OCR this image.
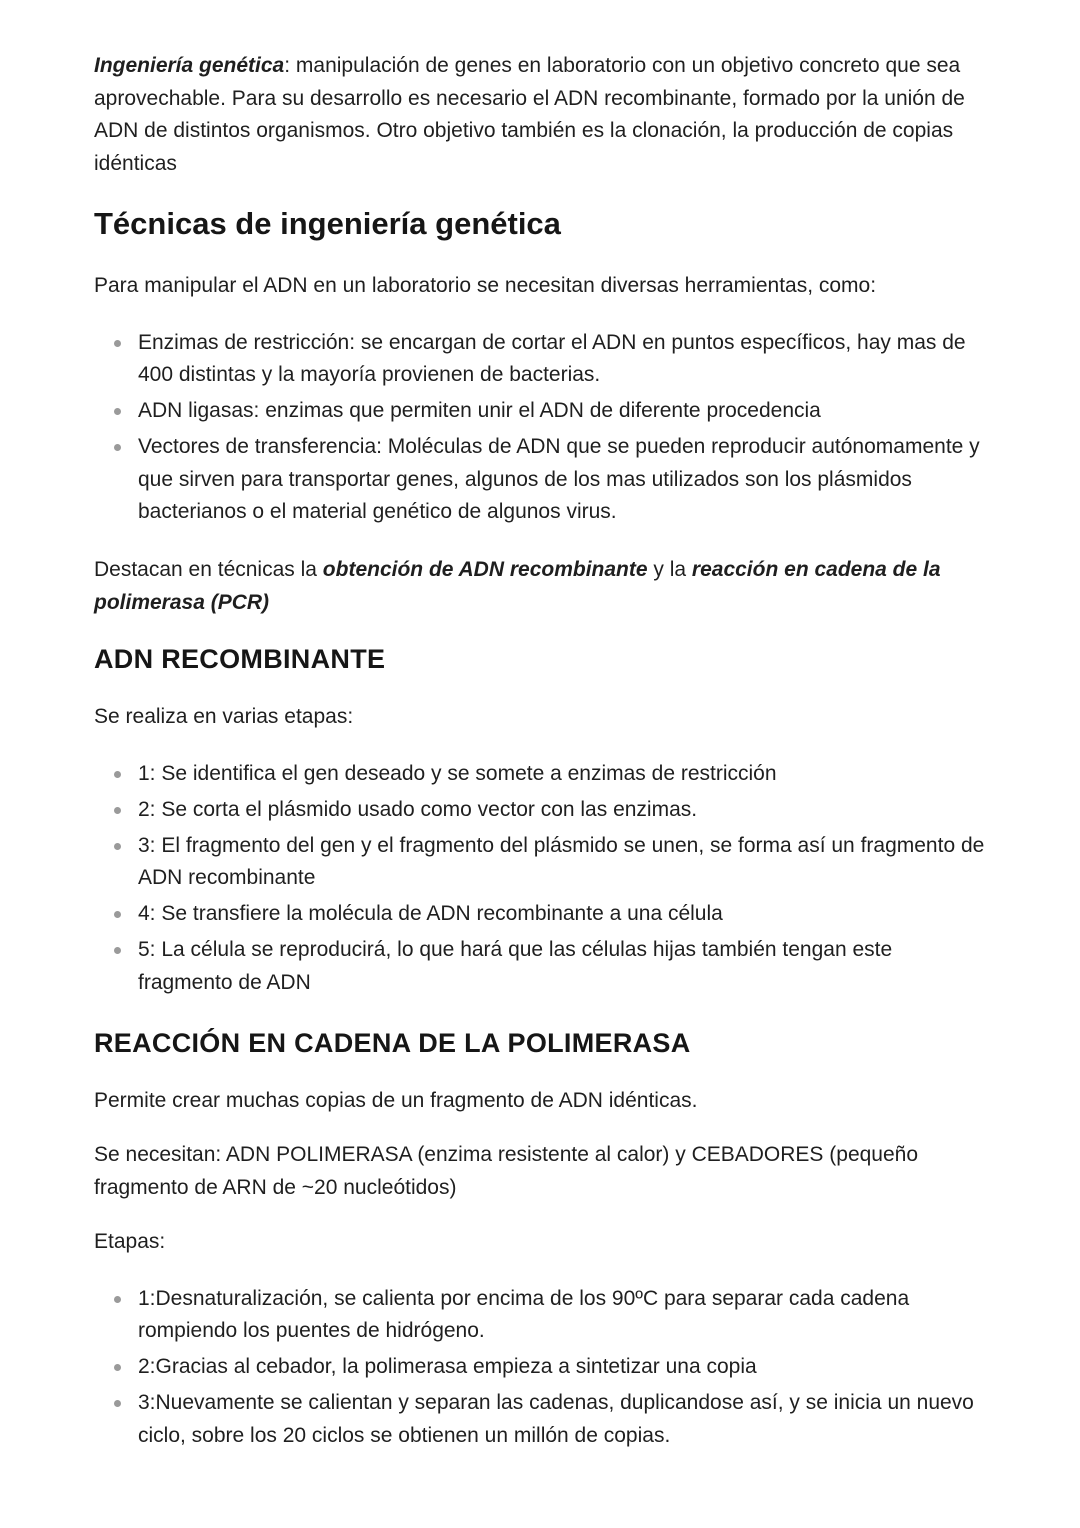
Ingeniería genética: manipulación de genes en laboratorio con un objetivo concreto que sea aprovechable. Para su desarrollo es necesario el ADN recombinante, formado por la unión de ADN de distintos organismos. Otro objetivo también es la clonación, la producción de copias idénticas

Técnicas de ingeniería genética

Para manipular el ADN en un laboratorio se necesitan diversas herramientas, como:

Enzimas de restricción: se encargan de cortar el ADN en puntos específicos, hay mas de 400 distintas y la mayoría provienen de bacterias.
ADN ligasas: enzimas que permiten unir el ADN de diferente procedencia
Vectores de transferencia: Moléculas de ADN que se pueden reproducir autónomamente y que sirven para transportar genes, algunos de los mas utilizados son los plásmidos bacterianos o el material genético de algunos virus.

Destacan en técnicas la obtención de ADN recombinante y la reacción en cadena de la polimerasa (PCR)

ADN RECOMBINANTE

Se realiza en varias etapas:

1: Se identifica el gen deseado y se somete a enzimas de restricción
2: Se corta el plásmido usado como vector con las enzimas.
3: El fragmento del gen y el fragmento del plásmido se unen, se forma así un fragmento de ADN recombinante
4: Se transfiere la molécula de ADN recombinante a una célula
5: La célula se reproducirá, lo que hará que las células hijas también tengan este fragmento de ADN
REACCIÓN EN CADENA DE LA POLIMERASA

Permite crear muchas copias de un fragmento de ADN idénticas.

Se necesitan: ADN POLIMERASA (enzima resistente al calor) y CEBADORES (pequeño fragmento de ARN de ~20 nucleótidos)

Etapas:

1:Desnaturalización, se calienta por encima de los 90ºC para separar cada cadena rompiendo los puentes de hidrógeno.
2:Gracias al cebador, la polimerasa empieza a sintetizar una copia
3:Nuevamente se calientan y separan las cadenas, duplicandose así, y se inicia un nuevo ciclo, sobre los 20 ciclos se obtienen un millón de copias.
